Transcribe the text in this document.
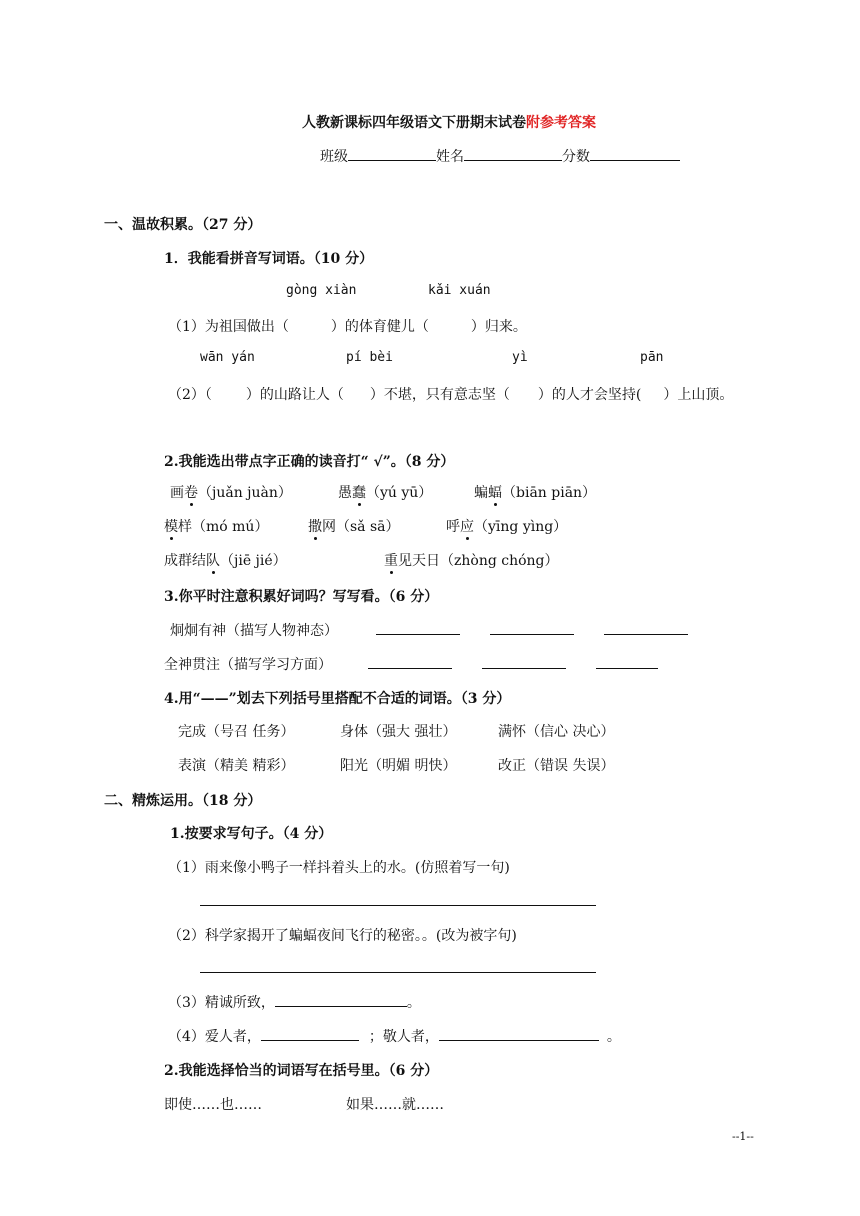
人教新课标四年级语文下册期末试卷附参考答案
班级	姓名	分数
一、温故积累。（27 分）
1．我能看拼音写词语。（10 分）
gòng xiàn	kǎi xuán
（1）为祖国做出（	）的体育健儿（	）归来。
wān yán	pí bèi	yì	pān
（2）（ ）的山路让人（ ）不堪，只有意志坚（ ）的人才会坚持( ）上山顶。
2.我能选出带点字正确的读音打“ √”。（8 分）
画卷（juǎn juàn）	愚蠢（yú yū）	蝙蝠（biān piān）
模样（mó mú）	撒网（sǎ sā）	呼应（yīng yìng）
成群结队（jiē jié）	重见天日（zhòng chóng）
3.你平时注意积累好词吗？写写看。（6 分）
炯炯有神（描写人物神态）
全神贯注（描写学习方面）
4.用“——”划去下列括号里搭配不合适的词语。（3 分）
完成（号召 任务）	身体（强大 强壮）	满怀（信心 决心）
表演（精美 精彩）	阳光（明媚 明快）	改正（错误 失误）
二、精炼运用。（18 分）
1.按要求写句子。（4 分）
（1）雨来像小鸭子一样抖着头上的水。(仿照着写一句)
（2）科学家揭开了蝙蝠夜间飞行的秘密。。(改为被字句)
（3）精诚所致，	。
（4）爱人者，	；敬人者，	。
2.我能选择恰当的词语写在括号里。（6 分）
即使……也……	如果……就……
--1--
